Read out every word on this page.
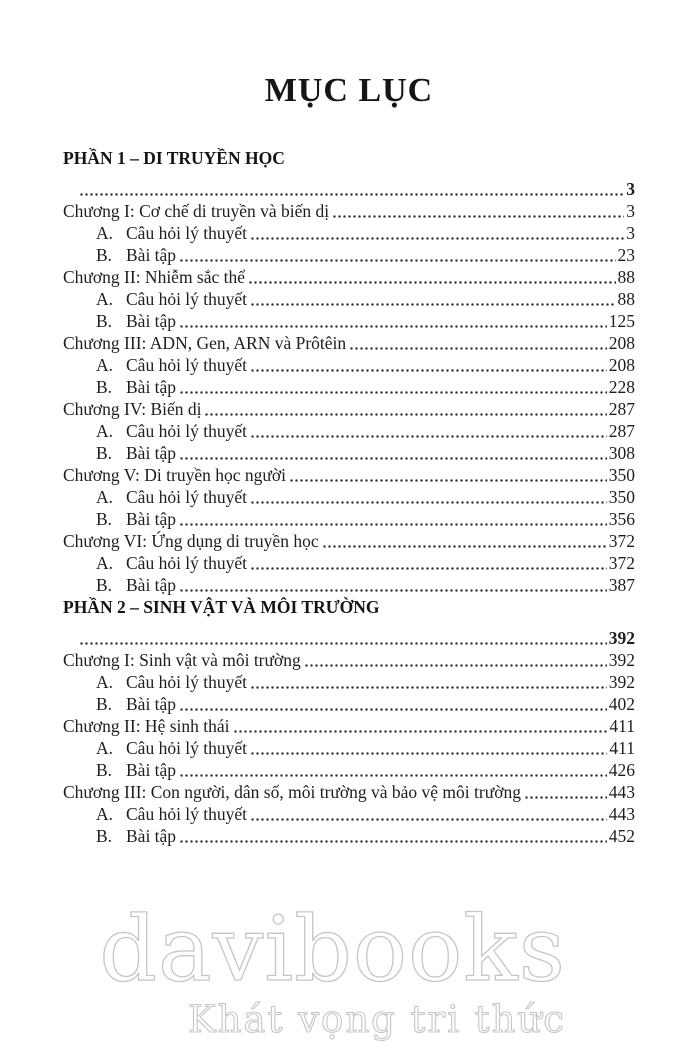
MỤC LỤC
PHẦN 1 – DI TRUYỀN HỌC
3
Chương I: Cơ chế di truyền và biến dị	3
A. Câu hỏi lý thuyết	3
B. Bài tập	23
Chương II: Nhiễm sắc thể	88
A. Câu hỏi lý thuyết	88
B. Bài tập	125
Chương III: ADN, Gen, ARN và Prôtêin	208
A. Câu hỏi lý thuyết	208
B. Bài tập	228
Chương IV: Biến dị	287
A. Câu hỏi lý thuyết	287
B. Bài tập	308
Chương V: Di truyền học người	350
A. Câu hỏi lý thuyết	350
B. Bài tập	356
Chương VI: Ứng dụng di truyền học	372
A. Câu hỏi lý thuyết	372
B. Bài tập	387
PHẦN 2 – SINH VẬT VÀ MÔI TRƯỜNG
392
Chương I: Sinh vật và môi trường	392
A. Câu hỏi lý thuyết	392
B. Bài tập	402
Chương II: Hệ sinh thái	411
A. Câu hỏi lý thuyết	411
B. Bài tập	426
Chương III: Con người, dân số, môi trường và bảo vệ môi trường	443
A. Câu hỏi lý thuyết	443
B. Bài tập	452
davibooks
Khát vọng tri thức
